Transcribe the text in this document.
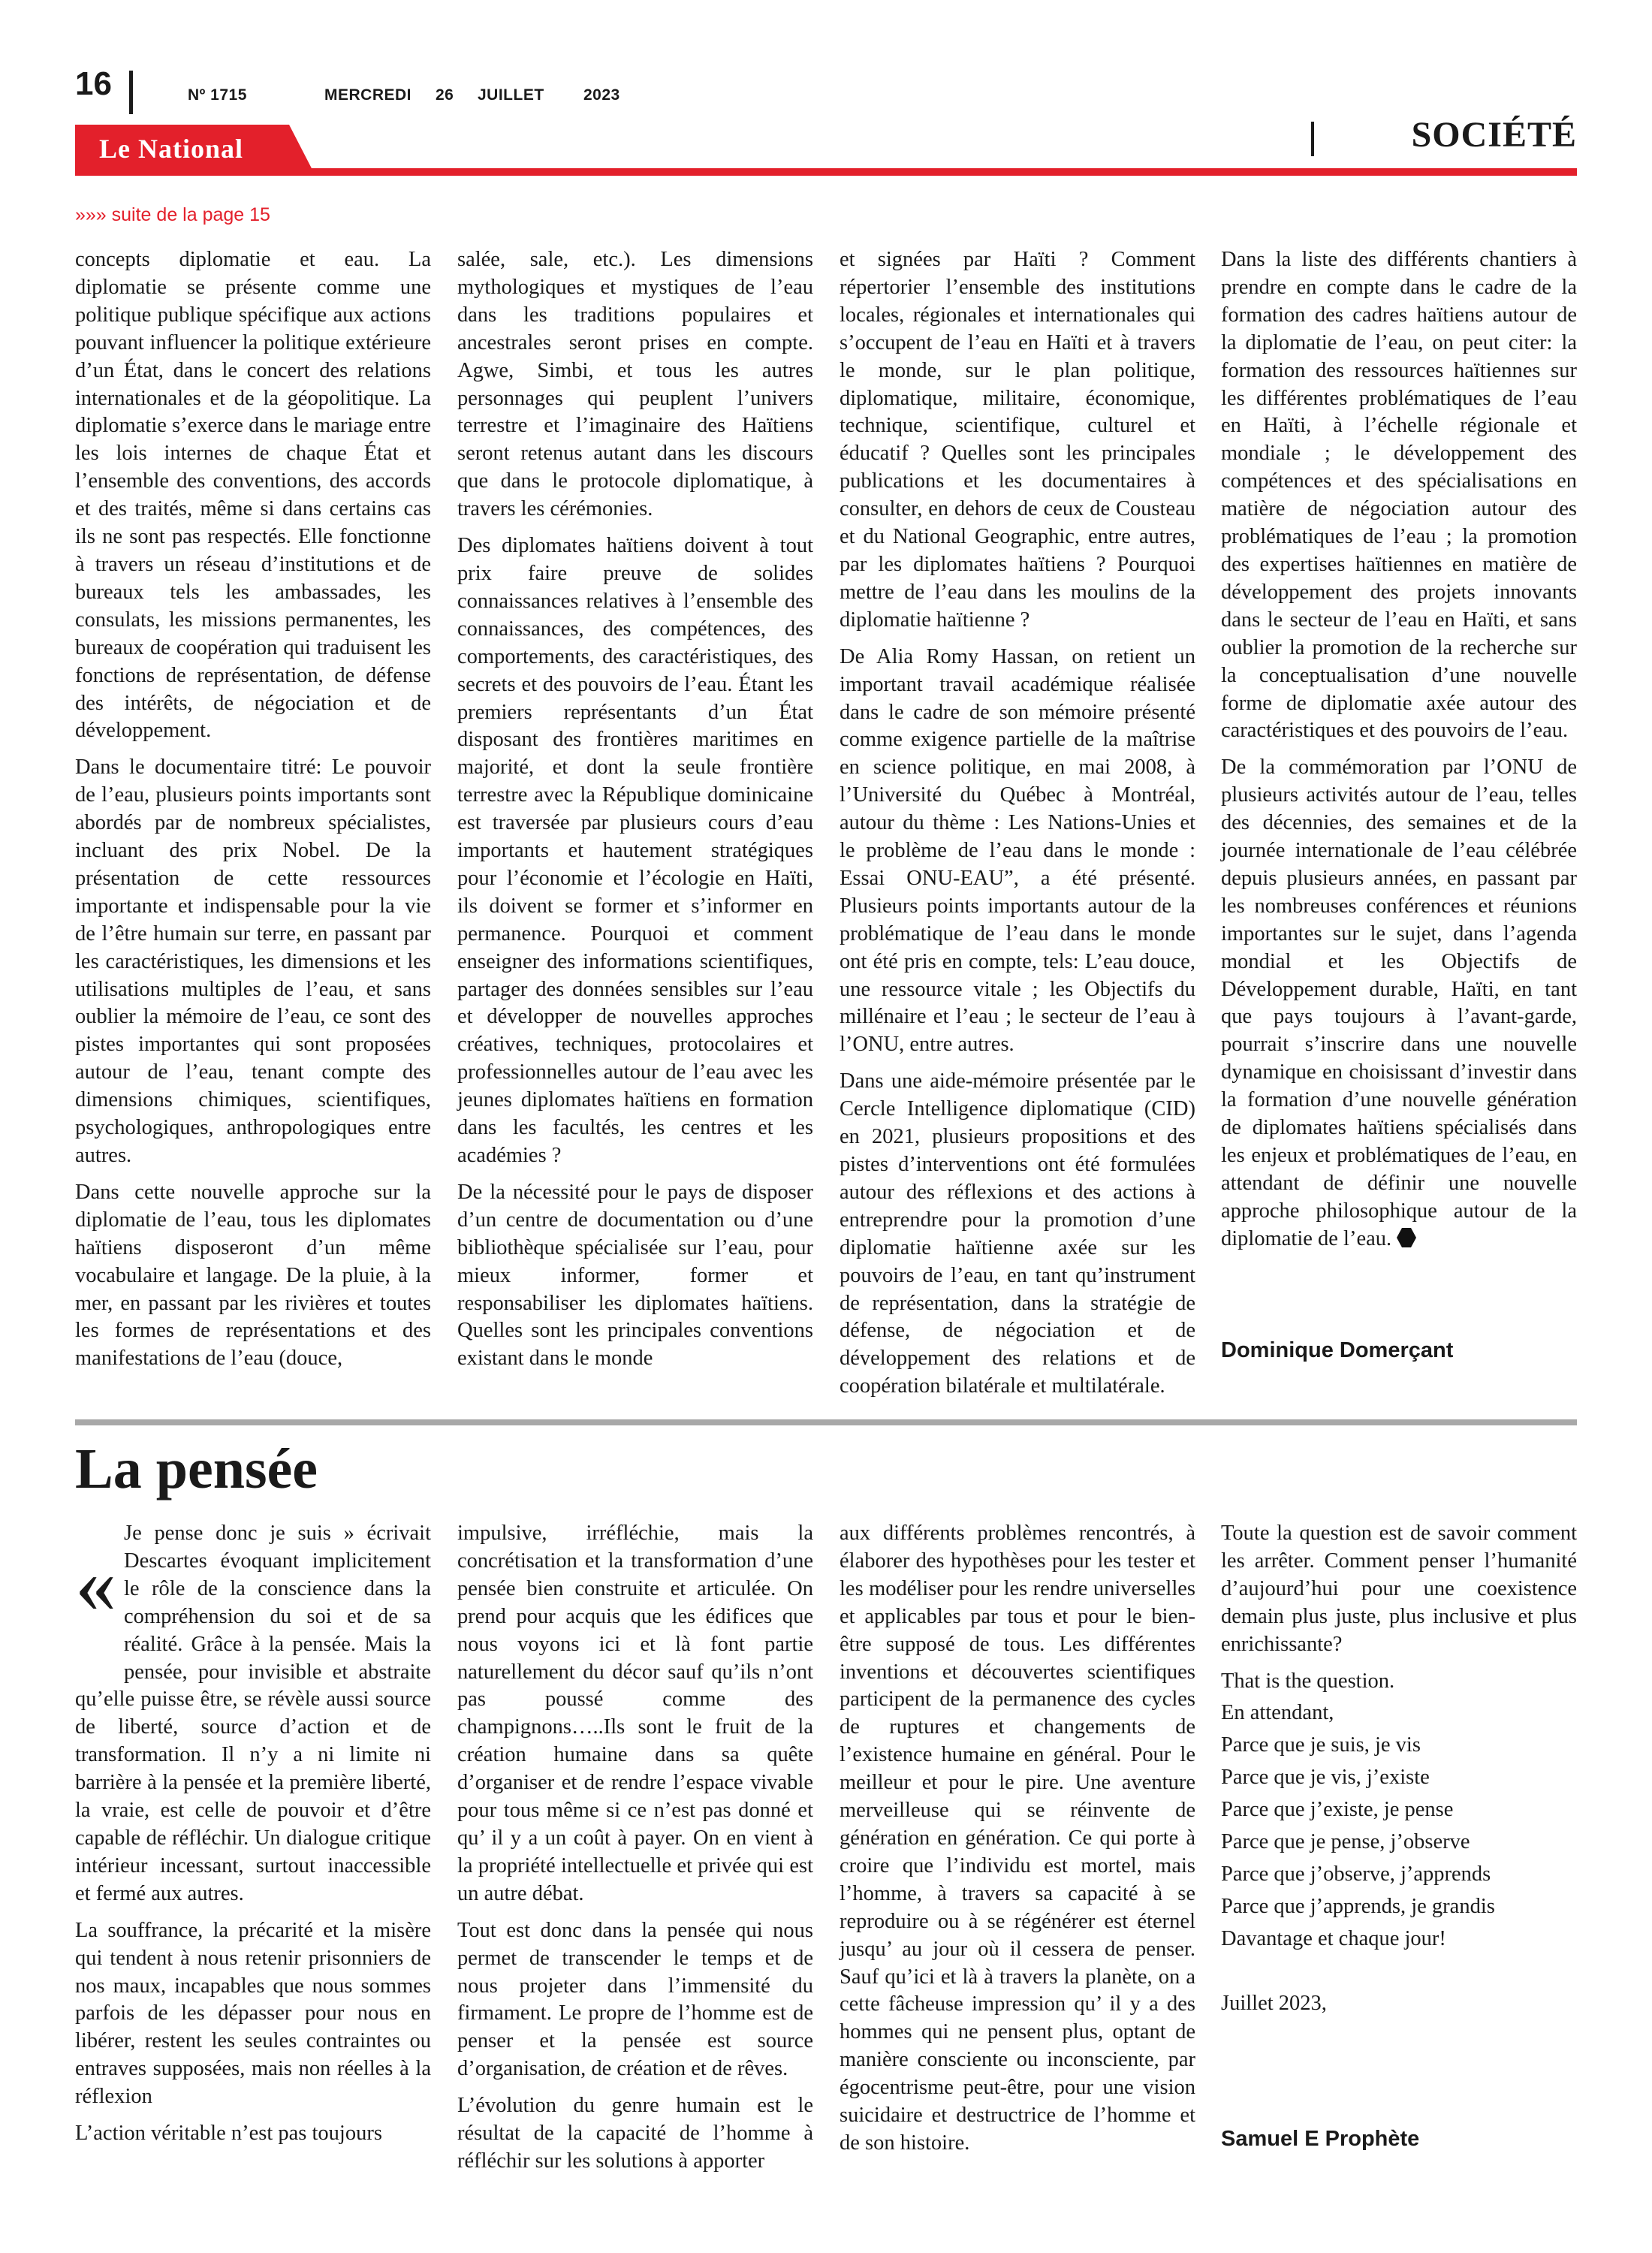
16	Nº 1715	MERCREDI 26 JUILLET 2023
Le National	SOCIÉTÉ
»»» suite de la page 15

concepts diplomatie et eau. La diplomatie se présente comme une politique publique spécifique aux actions pouvant influencer la politique extérieure d’un État, dans le concert des relations internationales et de la géopolitique. La diplomatie s’exerce dans le mariage entre les lois internes de chaque État et l’ensemble des conventions, des accords et des traités, même si dans certains cas ils ne sont pas respectés. Elle fonctionne à travers un réseau d’institutions et de bureaux tels les ambassades, les consulats, les missions permanentes, les bureaux de coopération qui traduisent les fonctions de représentation, de défense des intérêts, de négociation et de développement.

Dans le documentaire titré: Le pouvoir de l’eau, plusieurs points importants sont abordés par de nombreux spécialistes, incluant des prix Nobel. De la présentation de cette ressources importante et indispensable pour la vie de l’être humain sur terre, en passant par les caractéristiques, les dimensions et les utilisations multiples de l’eau, et sans oublier la mémoire de l’eau, ce sont des pistes importantes qui sont proposées autour de l’eau, tenant compte des dimensions chimiques, scientifiques, psychologiques, anthropologiques entre autres.

Dans cette nouvelle approche sur la diplomatie de l’eau, tous les diplomates haïtiens disposeront d’un même vocabulaire et langage. De la pluie, à la mer, en passant par les rivières et toutes les formes de représentations et des manifestations de l’eau (douce,

salée, sale, etc.). Les dimensions mythologiques et mystiques de l’eau dans les traditions populaires et ancestrales seront prises en compte. Agwe, Simbi, et tous les autres personnages qui peuplent l’univers terrestre et l’imaginaire des Haïtiens seront retenus autant dans les discours que dans le protocole diplomatique, à travers les cérémonies.

Des diplomates haïtiens doivent à tout prix faire preuve de solides connaissances relatives à l’ensemble des connaissances, des compétences, des comportements, des caractéristiques, des secrets et des pouvoirs de l’eau. Étant les premiers représentants d’un État disposant des frontières maritimes en majorité, et dont la seule frontière terrestre avec la République dominicaine est traversée par plusieurs cours d’eau importants et hautement stratégiques pour l’économie et l’écologie en Haïti, ils doivent se former et s’informer en permanence. Pourquoi et comment enseigner des informations scientifiques, partager des données sensibles sur l’eau et développer de nouvelles approches créatives, techniques, protocolaires et professionnelles autour de l’eau avec les jeunes diplomates haïtiens en formation dans les facultés, les centres et les académies ?

De la nécessité pour le pays de disposer d’un centre de documentation ou d’une bibliothèque spécialisée sur l’eau, pour mieux informer, former et responsabiliser les diplomates haïtiens. Quelles sont les principales conventions existant dans le monde

et signées par Haïti ? Comment répertorier l’ensemble des institutions locales, régionales et internationales qui s’occupent de l’eau en Haïti et à travers le monde, sur le plan politique, diplomatique, militaire, économique, technique, scientifique, culturel et éducatif ? Quelles sont les principales publications et les documentaires à consulter, en dehors de ceux de Cousteau et du National Geographic, entre autres, par les diplomates haïtiens ? Pourquoi mettre de l’eau dans les moulins de la diplomatie haïtienne ?

De Alia Romy Hassan, on retient un important travail académique réalisée dans le cadre de son mémoire présenté comme exigence partielle de la maîtrise en science politique, en mai 2008, à l’Université du Québec à Montréal, autour du thème : Les Nations-Unies et le problème de l’eau dans le monde : Essai ONU-EAU”, a été présenté. Plusieurs points importants autour de la problématique de l’eau dans le monde ont été pris en compte, tels: L’eau douce, une ressource vitale ; les Objectifs du millénaire et l’eau ; le secteur de l’eau à l’ONU, entre autres.

Dans une aide-mémoire présentée par le Cercle Intelligence diplomatique (CID) en 2021, plusieurs propositions et des pistes d’interventions ont été formulées autour des réflexions et des actions à entreprendre pour la promotion d’une diplomatie haïtienne axée sur les pouvoirs de l’eau, en tant qu’instrument de représentation, dans la stratégie de défense, de négociation et de développement des relations et de coopération bilatérale et multilatérale.

Dans la liste des différents chantiers à prendre en compte dans le cadre de la formation des cadres haïtiens autour de la diplomatie de l’eau, on peut citer: la formation des ressources haïtiennes sur les différentes problématiques de l’eau en Haïti, à l’échelle régionale et mondiale ; le développement des compétences et des spécialisations en matière de négociation autour des problématiques de l’eau ; la promotion des expertises haïtiennes en matière de développement des projets innovants dans le secteur de l’eau en Haïti, et sans oublier la promotion de la recherche sur la conceptualisation d’une nouvelle forme de diplomatie axée autour des caractéristiques et des pouvoirs de l’eau.

De la commémoration par l’ONU de plusieurs activités autour de l’eau, telles des décennies, des semaines et de la journée internationale de l’eau célébrée depuis plusieurs années, en passant par les nombreuses conférences et réunions importantes sur le sujet, dans l’agenda mondial et les Objectifs de Développement durable, Haïti, en tant que pays toujours à l’avant-garde, pourrait s’inscrire dans une nouvelle dynamique en choisissant d’investir dans la formation d’une nouvelle génération de diplomates haïtiens spécialisés dans les enjeux et problématiques de l’eau, en attendant de définir une nouvelle approche philosophique autour de la diplomatie de l’eau.

Dominique Domerçant
La pensée

«
Je pense donc je suis » écrivait Descartes évoquant implicitement le rôle de la conscience dans la compréhension du soi et de sa réalité. Grâce à la pensée. Mais la pensée, pour invisible et abstraite qu’elle puisse être, se révèle aussi source de liberté, source d’action et de transformation. Il n’y a ni limite ni barrière à la pensée et la première liberté, la vraie, est celle de pouvoir et d’être capable de réfléchir. Un dialogue critique intérieur incessant, surtout inaccessible et fermé aux autres.

La souffrance, la précarité et la misère qui tendent à nous retenir prisonniers de nos maux, incapables que nous sommes parfois de les dépasser pour nous en libérer, restent les seules contraintes ou entraves supposées, mais non réelles à la réflexion

L’action véritable n’est pas toujours

impulsive, irréfléchie, mais la concrétisation et la transformation d’une pensée bien construite et articulée. On prend pour acquis que les édifices que nous voyons ici et là font partie naturellement du décor sauf qu’ils n’ont pas poussé comme des champignons…..Ils sont le fruit de la création humaine dans sa quête d’organiser et de rendre l’espace vivable pour tous même si ce n’est pas donné et qu’ il y a un coût à payer. On en vient à la propriété intellectuelle et privée qui est un autre débat.

Tout est donc dans la pensée qui nous permet de transcender le temps et de nous projeter dans l’immensité du firmament. Le propre de l’homme est de penser et la pensée est source d’organisation, de création et de rêves.

L’évolution du genre humain est le résultat de la capacité de l’homme à réfléchir sur les solutions à apporter

aux différents problèmes rencontrés, à élaborer des hypothèses pour les tester et les modéliser pour les rendre universelles et applicables par tous et pour le bien-être supposé de tous. Les différentes inventions et découvertes scientifiques participent de la permanence des cycles de ruptures et changements de l’existence humaine en général. Pour le meilleur et pour le pire. Une aventure merveilleuse qui se réinvente de génération en génération. Ce qui porte à croire que l’individu est mortel, mais l’homme, à travers sa capacité à se reproduire ou à se régénérer est éternel jusqu’ au jour où il cessera de penser. Sauf qu’ici et là à travers la planète, on a cette fâcheuse impression qu’ il y a des hommes qui ne pensent plus, optant de manière consciente ou inconsciente, par égocentrisme peut-être, pour une vision suicidaire et destructrice de l’homme et de son histoire.

Toute la question est de savoir comment les arrêter. Comment penser l’humanité d’aujourd’hui pour une coexistence demain plus juste, plus inclusive et plus enrichissante?

That is the question.

En attendant,

Parce que je suis, je vis

Parce que je vis, j’existe

Parce que j’existe, je pense

Parce que je pense, j’observe

Parce que j’observe, j’apprends

Parce que j’apprends, je grandis

Davantage et chaque jour!

Juillet 2023,

Samuel E Prophète
